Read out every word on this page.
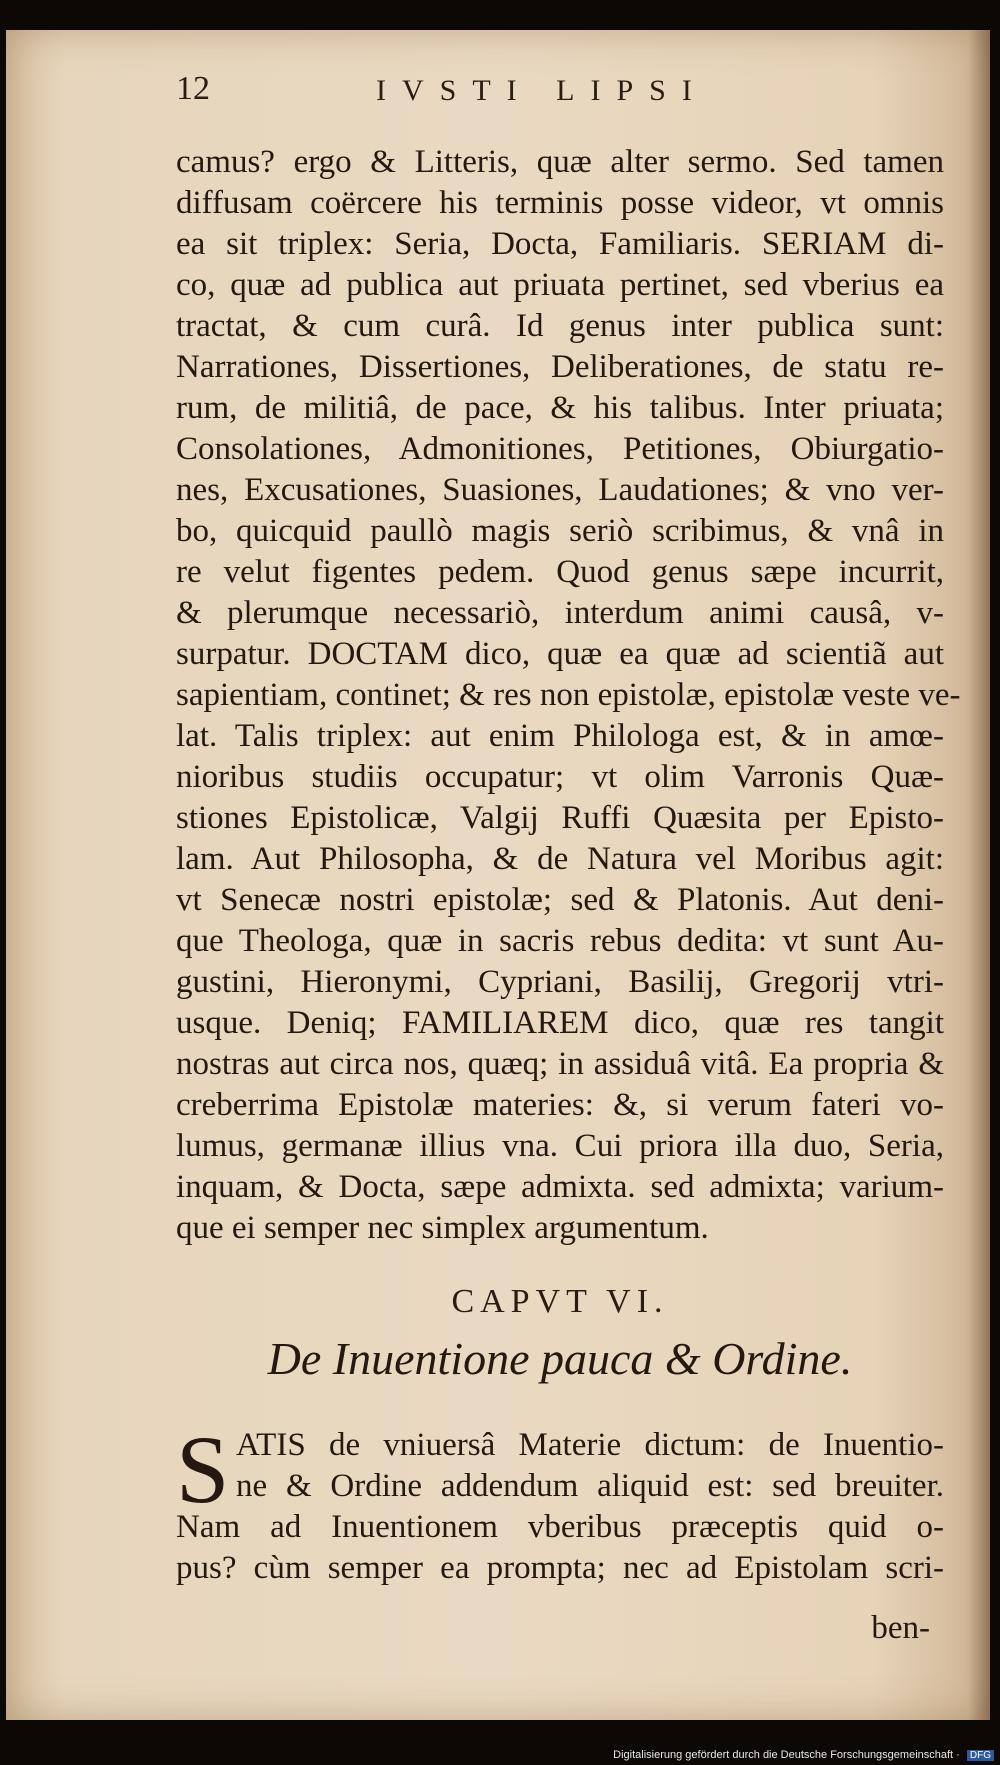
12	IVSTI LIPSI
camus? ergo & Litteris, quæ alter sermo. Sed tamen
diffusam coërcere his terminis posse videor, vt omnis
ea sit triplex: Seria, Docta, Familiaris. SERIAM di-
co, quæ ad publica aut priuata pertinet, sed vberius ea
tractat, & cum curâ. Id genus inter publica sunt:
Narrationes, Dissertiones, Deliberationes, de statu re-
rum, de militiâ, de pace, & his talibus. Inter priuata;
Consolationes, Admonitiones, Petitiones, Obiurgatio-
nes, Excusationes, Suasiones, Laudationes; & vno ver-
bo, quicquid paullò magis seriò scribimus, & vnâ in
re velut figentes pedem. Quod genus sæpe incurrit,
& plerumque necessariò, interdum animi causâ, v-
surpatur. DOCTAM dico, quæ ea quæ ad scientiã aut
sapientiam, continet; & res non epistolæ, epistolæ veste ve-
lat. Talis triplex: aut enim Philologa est, & in amœ-
nioribus studiis occupatur; vt olim Varronis Quæ-
stiones Epistolicæ, Valgij Ruffi Quæsita per Episto-
lam. Aut Philosopha, & de Natura vel Moribus agit:
vt Senecæ nostri epistolæ; sed & Platonis. Aut deni-
que Theologa, quæ in sacris rebus dedita: vt sunt Au-
gustini, Hieronymi, Cypriani, Basilij, Gregorij vtri-
usque. Deniq; FAMILIAREM dico, quæ res tangit
nostras aut circa nos, quæq; in assiduâ vitâ. Ea propria &
creberrima Epistolæ materies: &, si verum fateri vo-
lumus, germanæ illius vna. Cui priora illa duo, Seria,
inquam, & Docta, sæpe admixta. sed admixta; varium-
que ei semper nec simplex argumentum.
CAPVT VI.
De Inuentione pauca & Ordine.
S ATIS de vniuersâ Materie dictum: de Inuentio-
ne & Ordine addendum aliquid est: sed breuiter.
Nam ad Inuentionem vberibus præceptis quid o-
pus? cùm semper ea prompta; nec ad Epistolam scri-
ben-
Digitalisierung gefördert durch die Deutsche Forschungsgemeinschaft · DFG
